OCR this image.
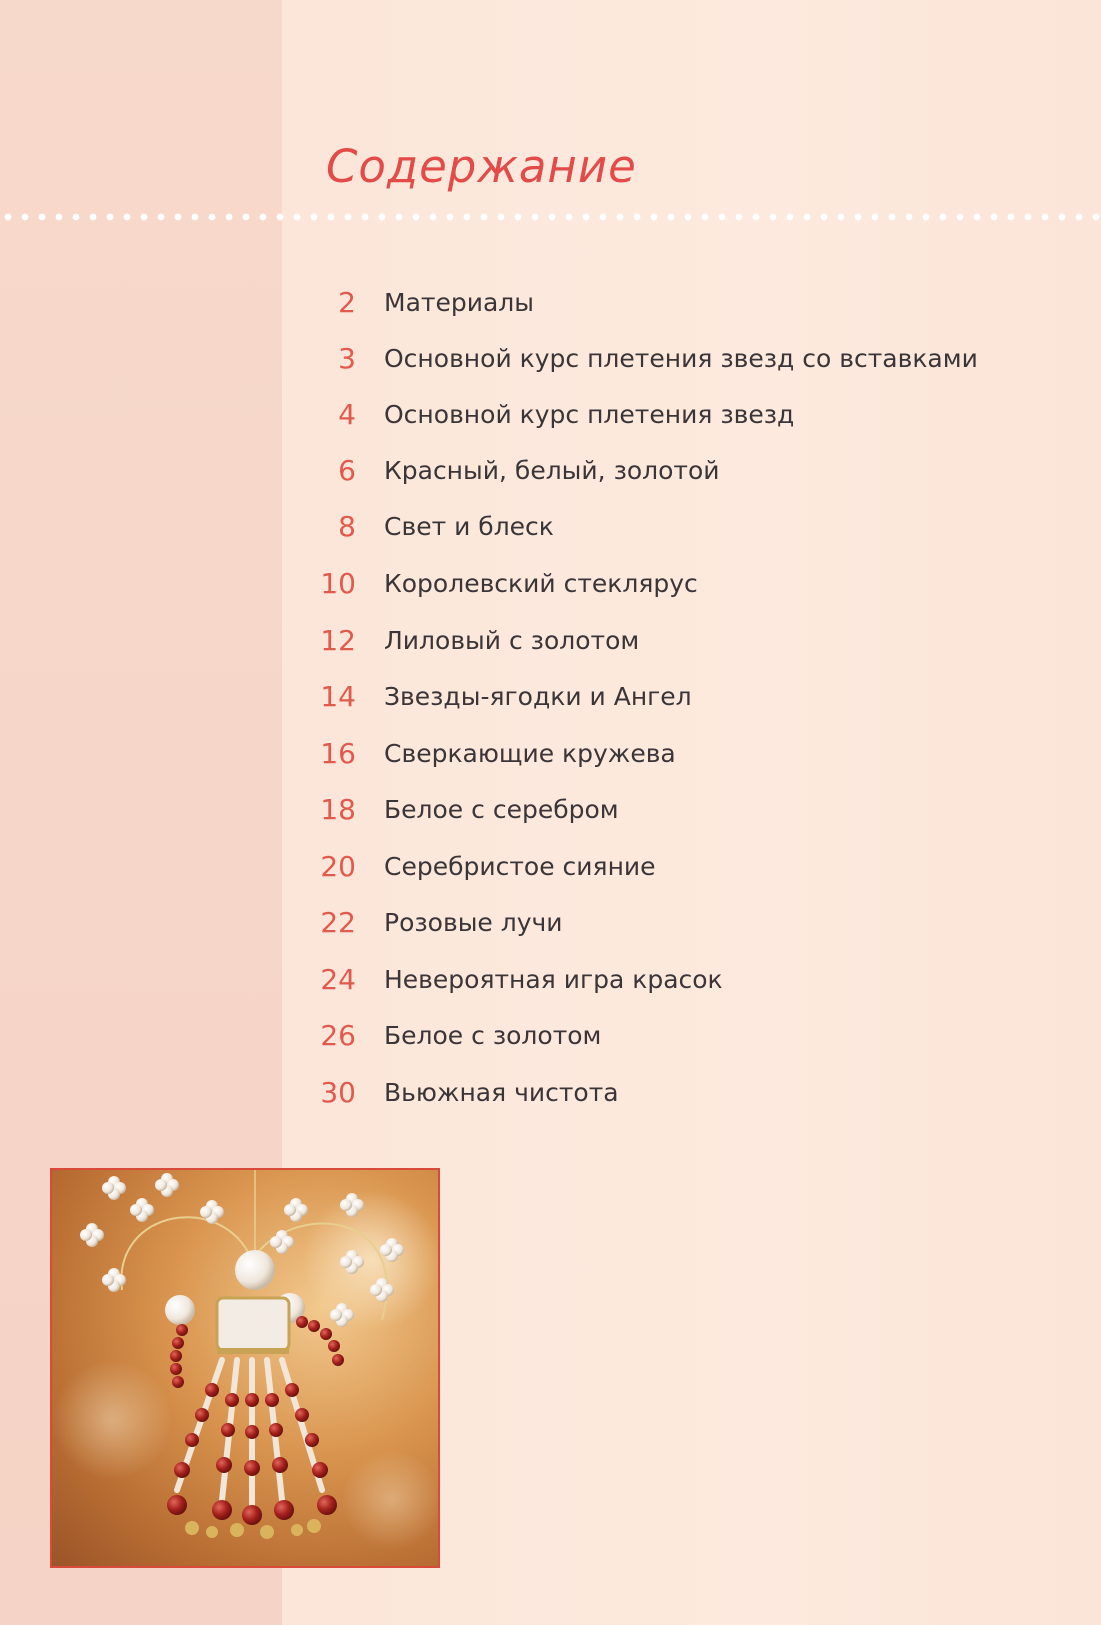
Содержание
2 Материалы
3 Основной курс плетения звезд со вставками
4 Основной курс плетения звезд
6 Красный, белый, золотой
8 Свет и блеск
10 Королевский стеклярус
12 Лиловый с золотом
14 Звезды-ягодки и Ангел
16 Сверкающие кружева
18 Белое с серебром
20 Серебристое сияние
22 Розовые лучи
24 Невероятная игра красок
26 Белое с золотом
30 Вьюжная чистота
